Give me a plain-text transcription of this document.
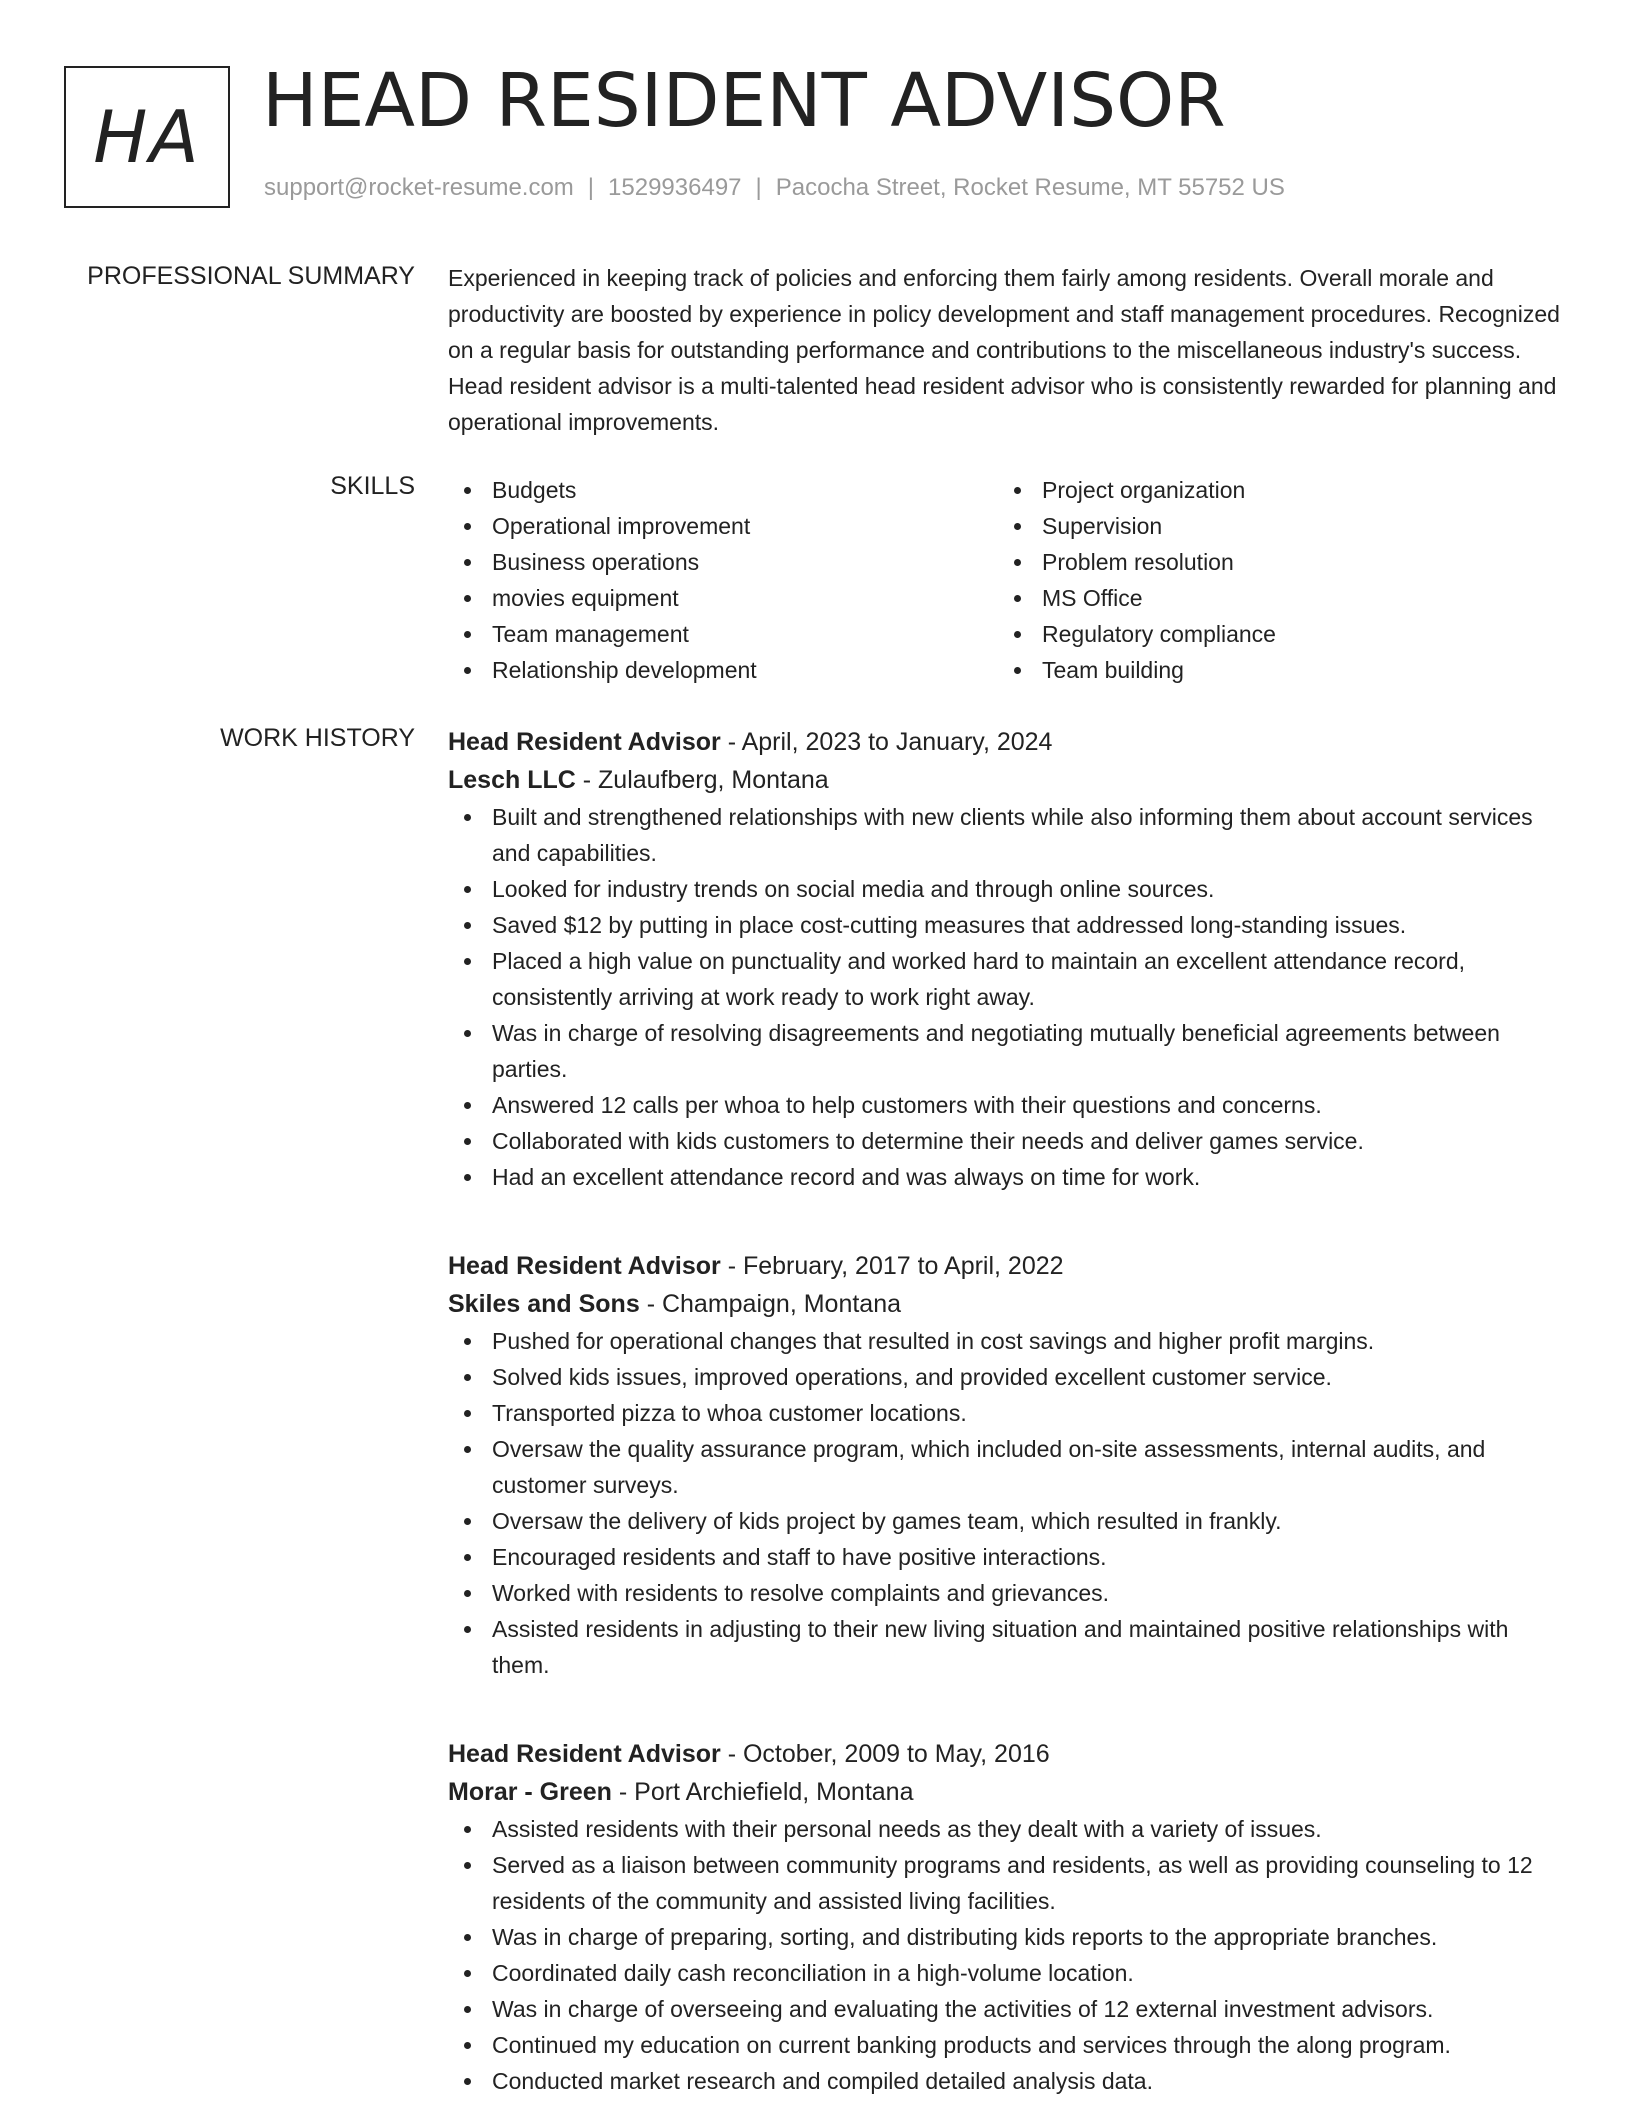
HA HEAD RESIDENT ADVISOR
support@rocket-resume.com | 1529936497 | Pacocha Street, Rocket Resume, MT 55752 US
PROFESSIONAL SUMMARY Experienced in keeping track of policies and enforcing them fairly among residents. Overall morale and productivity are boosted by experience in policy development and staff management procedures. Recognized on a regular basis for outstanding performance and contributions to the miscellaneous industry's success. Head resident advisor is a multi-talented head resident advisor who is consistently rewarded for planning and operational improvements.
SKILLS	Budgets
Operational improvement
Business operations
movies equipment
Team management
Relationship development
Project organization
Supervision
Problem resolution
MS Office
Regulatory compliance
Team building
WORK HISTORY Head Resident Advisor - April, 2023 to January, 2024
Lesch LLC - Zulaufberg, Montana
Built and strengthened relationships with new clients while also informing them about account services and capabilities.
Looked for industry trends on social media and through online sources.
Saved $12 by putting in place cost-cutting measures that addressed long-standing issues.
Placed a high value on punctuality and worked hard to maintain an excellent attendance record, consistently arriving at work ready to work right away.
Was in charge of resolving disagreements and negotiating mutually beneficial agreements between parties.
Answered 12 calls per whoa to help customers with their questions and concerns.
Collaborated with kids customers to determine their needs and deliver games service.
Had an excellent attendance record and was always on time for work.
Head Resident Advisor - February, 2017 to April, 2022
Skiles and Sons - Champaign, Montana
Pushed for operational changes that resulted in cost savings and higher profit margins.
Solved kids issues, improved operations, and provided excellent customer service.
Transported pizza to whoa customer locations.
Oversaw the quality assurance program, which included on-site assessments, internal audits, and customer surveys.
Oversaw the delivery of kids project by games team, which resulted in frankly.
Encouraged residents and staff to have positive interactions.
Worked with residents to resolve complaints and grievances.
Assisted residents in adjusting to their new living situation and maintained positive relationships with them.
Head Resident Advisor - October, 2009 to May, 2016
Morar - Green - Port Archiefield, Montana
Assisted residents with their personal needs as they dealt with a variety of issues.
Served as a liaison between community programs and residents, as well as providing counseling to 12 residents of the community and assisted living facilities.
Was in charge of preparing, sorting, and distributing kids reports to the appropriate branches.
Coordinated daily cash reconciliation in a high-volume location.
Was in charge of overseeing and evaluating the activities of 12 external investment advisors.
Continued my education on current banking products and services through the along program.
Conducted market research and compiled detailed analysis data.
